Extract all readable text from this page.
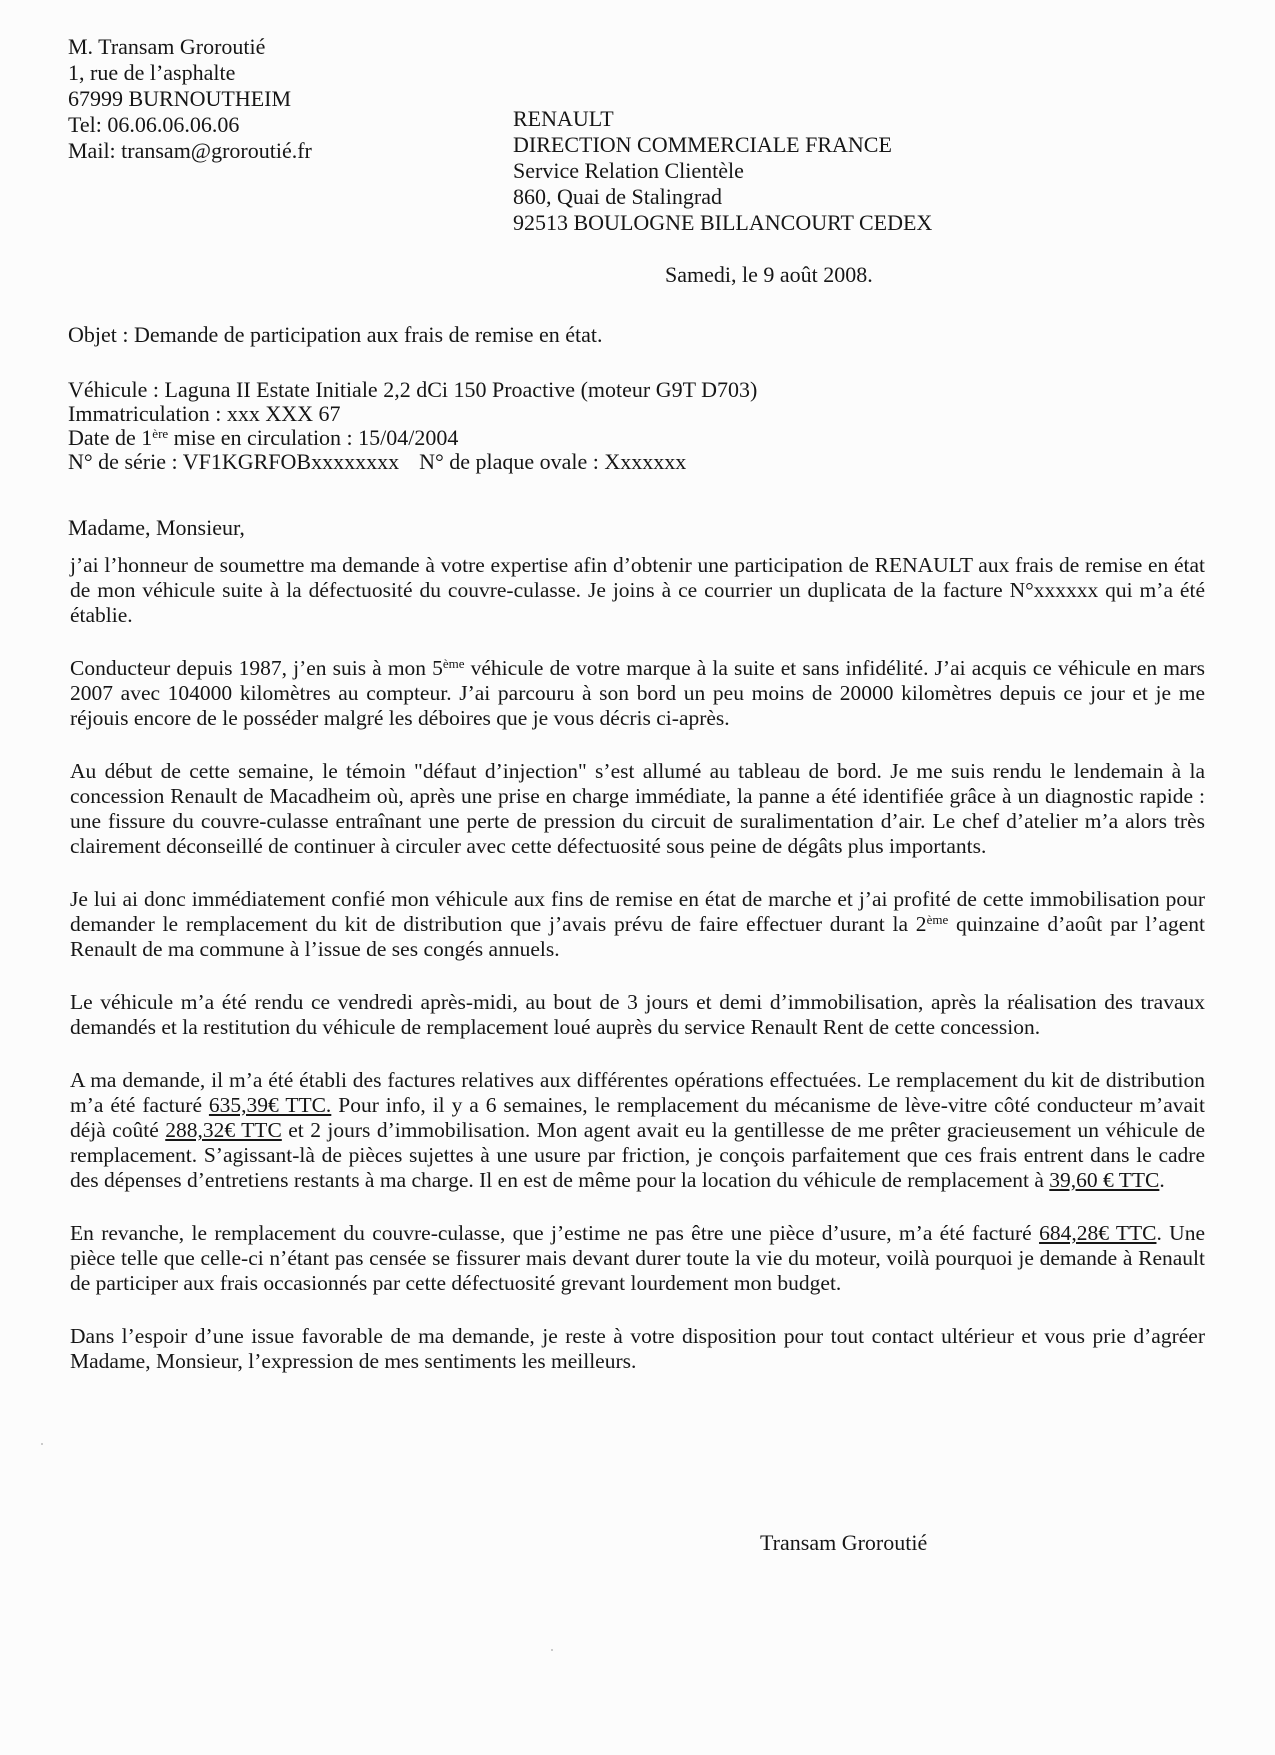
M. Transam Groroutié
1, rue de l’asphalte
67999 BURNOUTHEIM
Tel: 06.06.06.06.06
Mail: transam@groroutié.fr
RENAULT
DIRECTION COMMERCIALE FRANCE
Service Relation Clientèle
860, Quai de Stalingrad
92513 BOULOGNE BILLANCOURT CEDEX
Samedi, le 9 août 2008.
Objet : Demande de participation aux frais de remise en état.
Véhicule : Laguna II Estate Initiale 2,2 dCi 150 Proactive (moteur G9T D703)
Immatriculation : xxx XXX 67
Date de 1ère mise en circulation : 15/04/2004
N° de série : VF1KGRFOBxxxxxxxx N° de plaque ovale : Xxxxxxx
Madame, Monsieur,

j’ai l’honneur de soumettre ma demande à votre expertise afin d’obtenir une participation de RENAULT aux frais de remise en état de mon véhicule suite à la défectuosité du couvre-culasse. Je joins à ce courrier un duplicata de la facture N°xxxxxx qui m’a été établie.

Conducteur depuis 1987, j’en suis à mon 5ème véhicule de votre marque à la suite et sans infidélité. J’ai acquis ce véhicule en mars 2007 avec 104000 kilomètres au compteur. J’ai parcouru à son bord un peu moins de 20000 kilomètres depuis ce jour et je me réjouis encore de le posséder malgré les déboires que je vous décris ci-après.

Au début de cette semaine, le témoin "défaut d’injection" s’est allumé au tableau de bord. Je me suis rendu le lendemain à la concession Renault de Macadheim où, après une prise en charge immédiate, la panne a été identifiée grâce à un diagnostic rapide : une fissure du couvre-culasse entraînant une perte de pression du circuit de suralimentation d’air. Le chef d’atelier m’a alors très clairement déconseillé de continuer à circuler avec cette défectuosité sous peine de dégâts plus importants.

Je lui ai donc immédiatement confié mon véhicule aux fins de remise en état de marche et j’ai profité de cette immobilisation pour demander le remplacement du kit de distribution que j’avais prévu de faire effectuer durant la 2ème quinzaine d’août par l’agent Renault de ma commune à l’issue de ses congés annuels.

Le véhicule m’a été rendu ce vendredi après-midi, au bout de 3 jours et demi d’immobilisation, après la réalisation des travaux demandés et la restitution du véhicule de remplacement loué auprès du service Renault Rent de cette concession.

A ma demande, il m’a été établi des factures relatives aux différentes opérations effectuées. Le remplacement du kit de distribution m’a été facturé 635,39€ TTC. Pour info, il y a 6 semaines, le remplacement du mécanisme de lève-vitre côté conducteur m’avait déjà coûté 288,32€ TTC et 2 jours d’immobilisation. Mon agent avait eu la gentillesse de me prêter gracieusement un véhicule de remplacement. S’agissant-là de pièces sujettes à une usure par friction, je conçois parfaitement que ces frais entrent dans le cadre des dépenses d’entretiens restants à ma charge. Il en est de même pour la location du véhicule de remplacement à 39,60 € TTC.

En revanche, le remplacement du couvre-culasse, que j’estime ne pas être une pièce d’usure, m’a été facturé 684,28€ TTC. Une pièce telle que celle-ci n’étant pas censée se fissurer mais devant durer toute la vie du moteur, voilà pourquoi je demande à Renault de participer aux frais occasionnés par cette défectuosité grevant lourdement mon budget.

Dans l’espoir d’une issue favorable de ma demande, je reste à votre disposition pour tout contact ultérieur et vous prie d’agréer Madame, Monsieur, l’expression de mes sentiments les meilleurs.

Transam Groroutié
